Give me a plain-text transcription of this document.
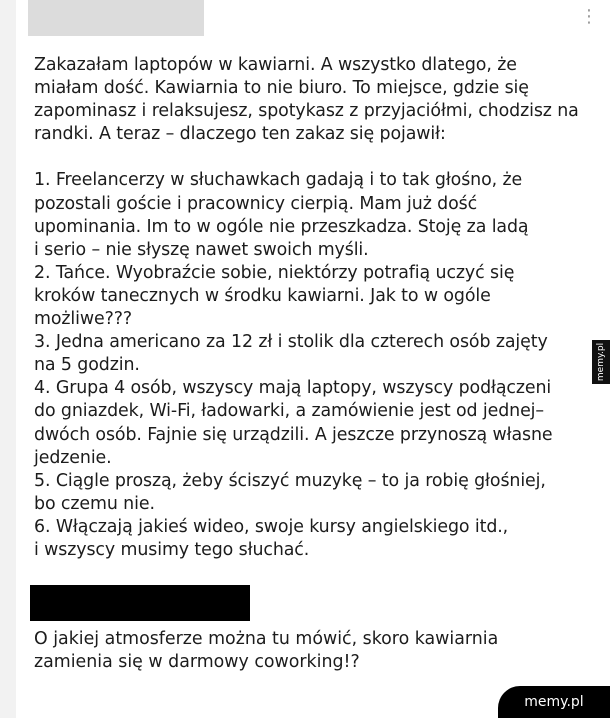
⋮
Zakazałam laptopów w kawiarni. A wszystko dlatego, że
miałam dość. Kawiarnia to nie biuro. To miejsce, gdzie się
zapominasz i relaksujesz, spotykasz z przyjaciółmi, chodzisz na
randki. A teraz – dlaczego ten zakaz się pojawił:

1. Freelancerzy w słuchawkach gadają i to tak głośno, że
pozostali goście i pracownicy cierpią. Mam już dość
upominania. Im to w ogóle nie przeszkadza. Stoję za ladą
i serio – nie słyszę nawet swoich myśli.
2. Tańce. Wyobraźcie sobie, niektórzy potrafią uczyć się
kroków tanecznych w środku kawiarni. Jak to w ogóle
możliwe???
3. Jedna americano za 12 zł i stolik dla czterech osób zajęty
na 5 godzin.
4. Grupa 4 osób, wszyscy mają laptopy, wszyscy podłączeni
do gniazdek, Wi-Fi, ładowarki, a zamówienie jest od jednej–
dwóch osób. Fajnie się urządzili. A jeszcze przynoszą własne
jedzenie.
5. Ciągle proszą, żeby ściszyć muzykę – to ja robię głośniej,
bo czemu nie.
6. Włączają jakieś wideo, swoje kursy angielskiego itd.,
i wszyscy musimy tego słuchać.
O jakiej atmosferze można tu mówić, skoro kawiarnia
zamienia się w darmowy coworking!?
memy.pl
memy.pl
